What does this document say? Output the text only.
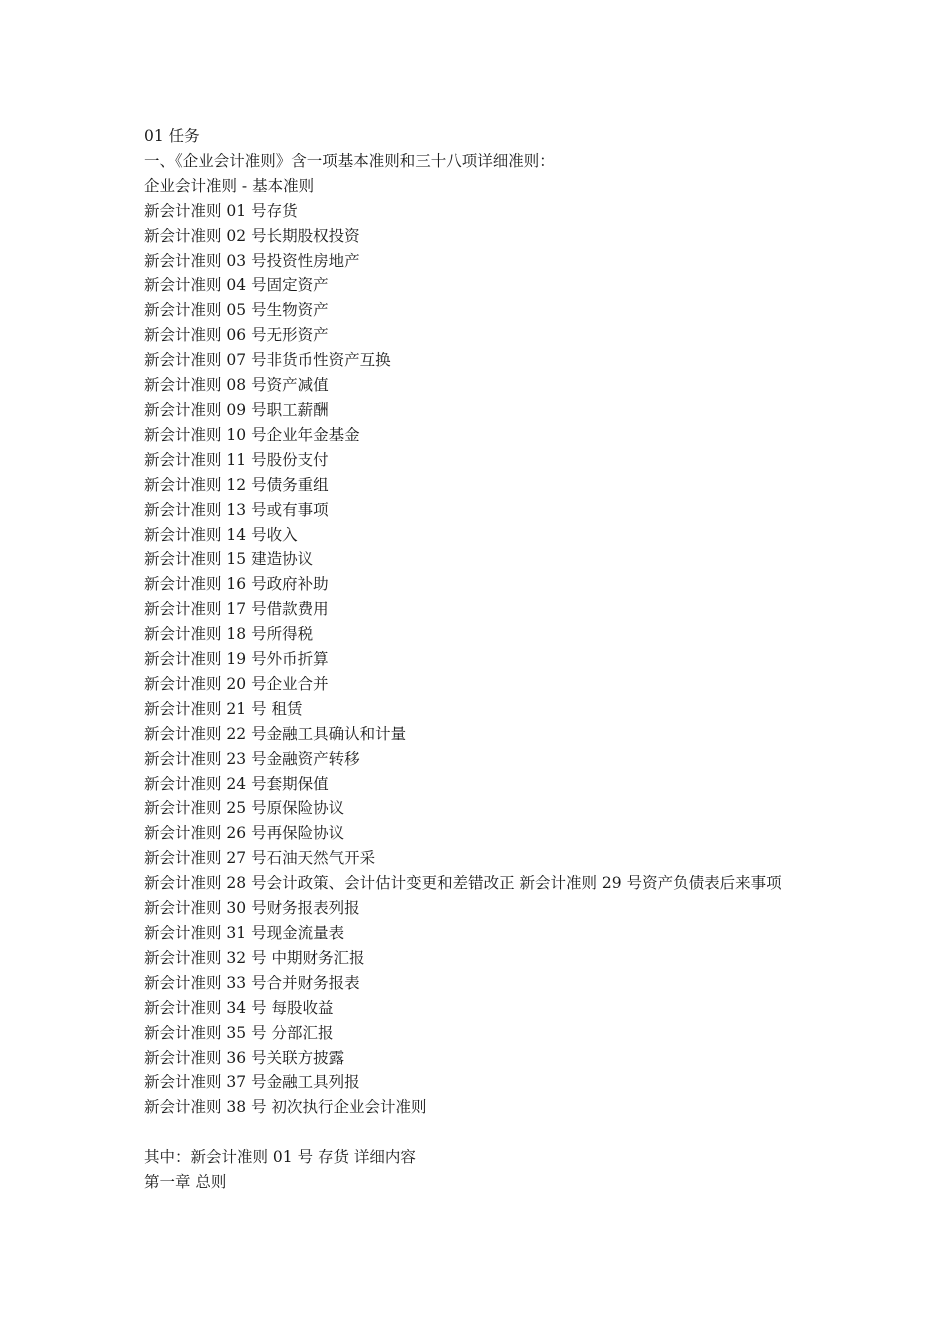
01 任务
一、《企业会计准则》含一项基本准则和三十八项详细准则：
企业会计准则 - 基本准则
新会计准则 01 号存货
新会计准则 02 号长期股权投资
新会计准则 03 号投资性房地产
新会计准则 04 号固定资产
新会计准则 05 号生物资产
新会计准则 06 号无形资产
新会计准则 07 号非货币性资产互换
新会计准则 08 号资产减值
新会计准则 09 号职工薪酬
新会计准则 10 号企业年金基金
新会计准则 11 号股份支付
新会计准则 12 号债务重组
新会计准则 13 号或有事项
新会计准则 14 号收入
新会计准则 15 建造协议
新会计准则 16 号政府补助
新会计准则 17 号借款费用
新会计准则 18 号所得税
新会计准则 19 号外币折算
新会计准则 20 号企业合并
新会计准则 21 号 租赁
新会计准则 22 号金融工具确认和计量
新会计准则 23 号金融资产转移
新会计准则 24 号套期保值
新会计准则 25 号原保险协议
新会计准则 26 号再保险协议
新会计准则 27 号石油天然气开采
新会计准则 28 号会计政策、会计估计变更和差错改正 新会计准则 29 号资产负债表后来事项
新会计准则 30 号财务报表列报
新会计准则 31 号现金流量表
新会计准则 32 号 中期财务汇报
新会计准则 33 号合并财务报表
新会计准则 34 号 每股收益
新会计准则 35 号 分部汇报
新会计准则 36 号关联方披露
新会计准则 37 号金融工具列报
新会计准则 38 号 初次执行企业会计准则
其中：新会计准则 01 号 存货 详细内容
第一章 总则
